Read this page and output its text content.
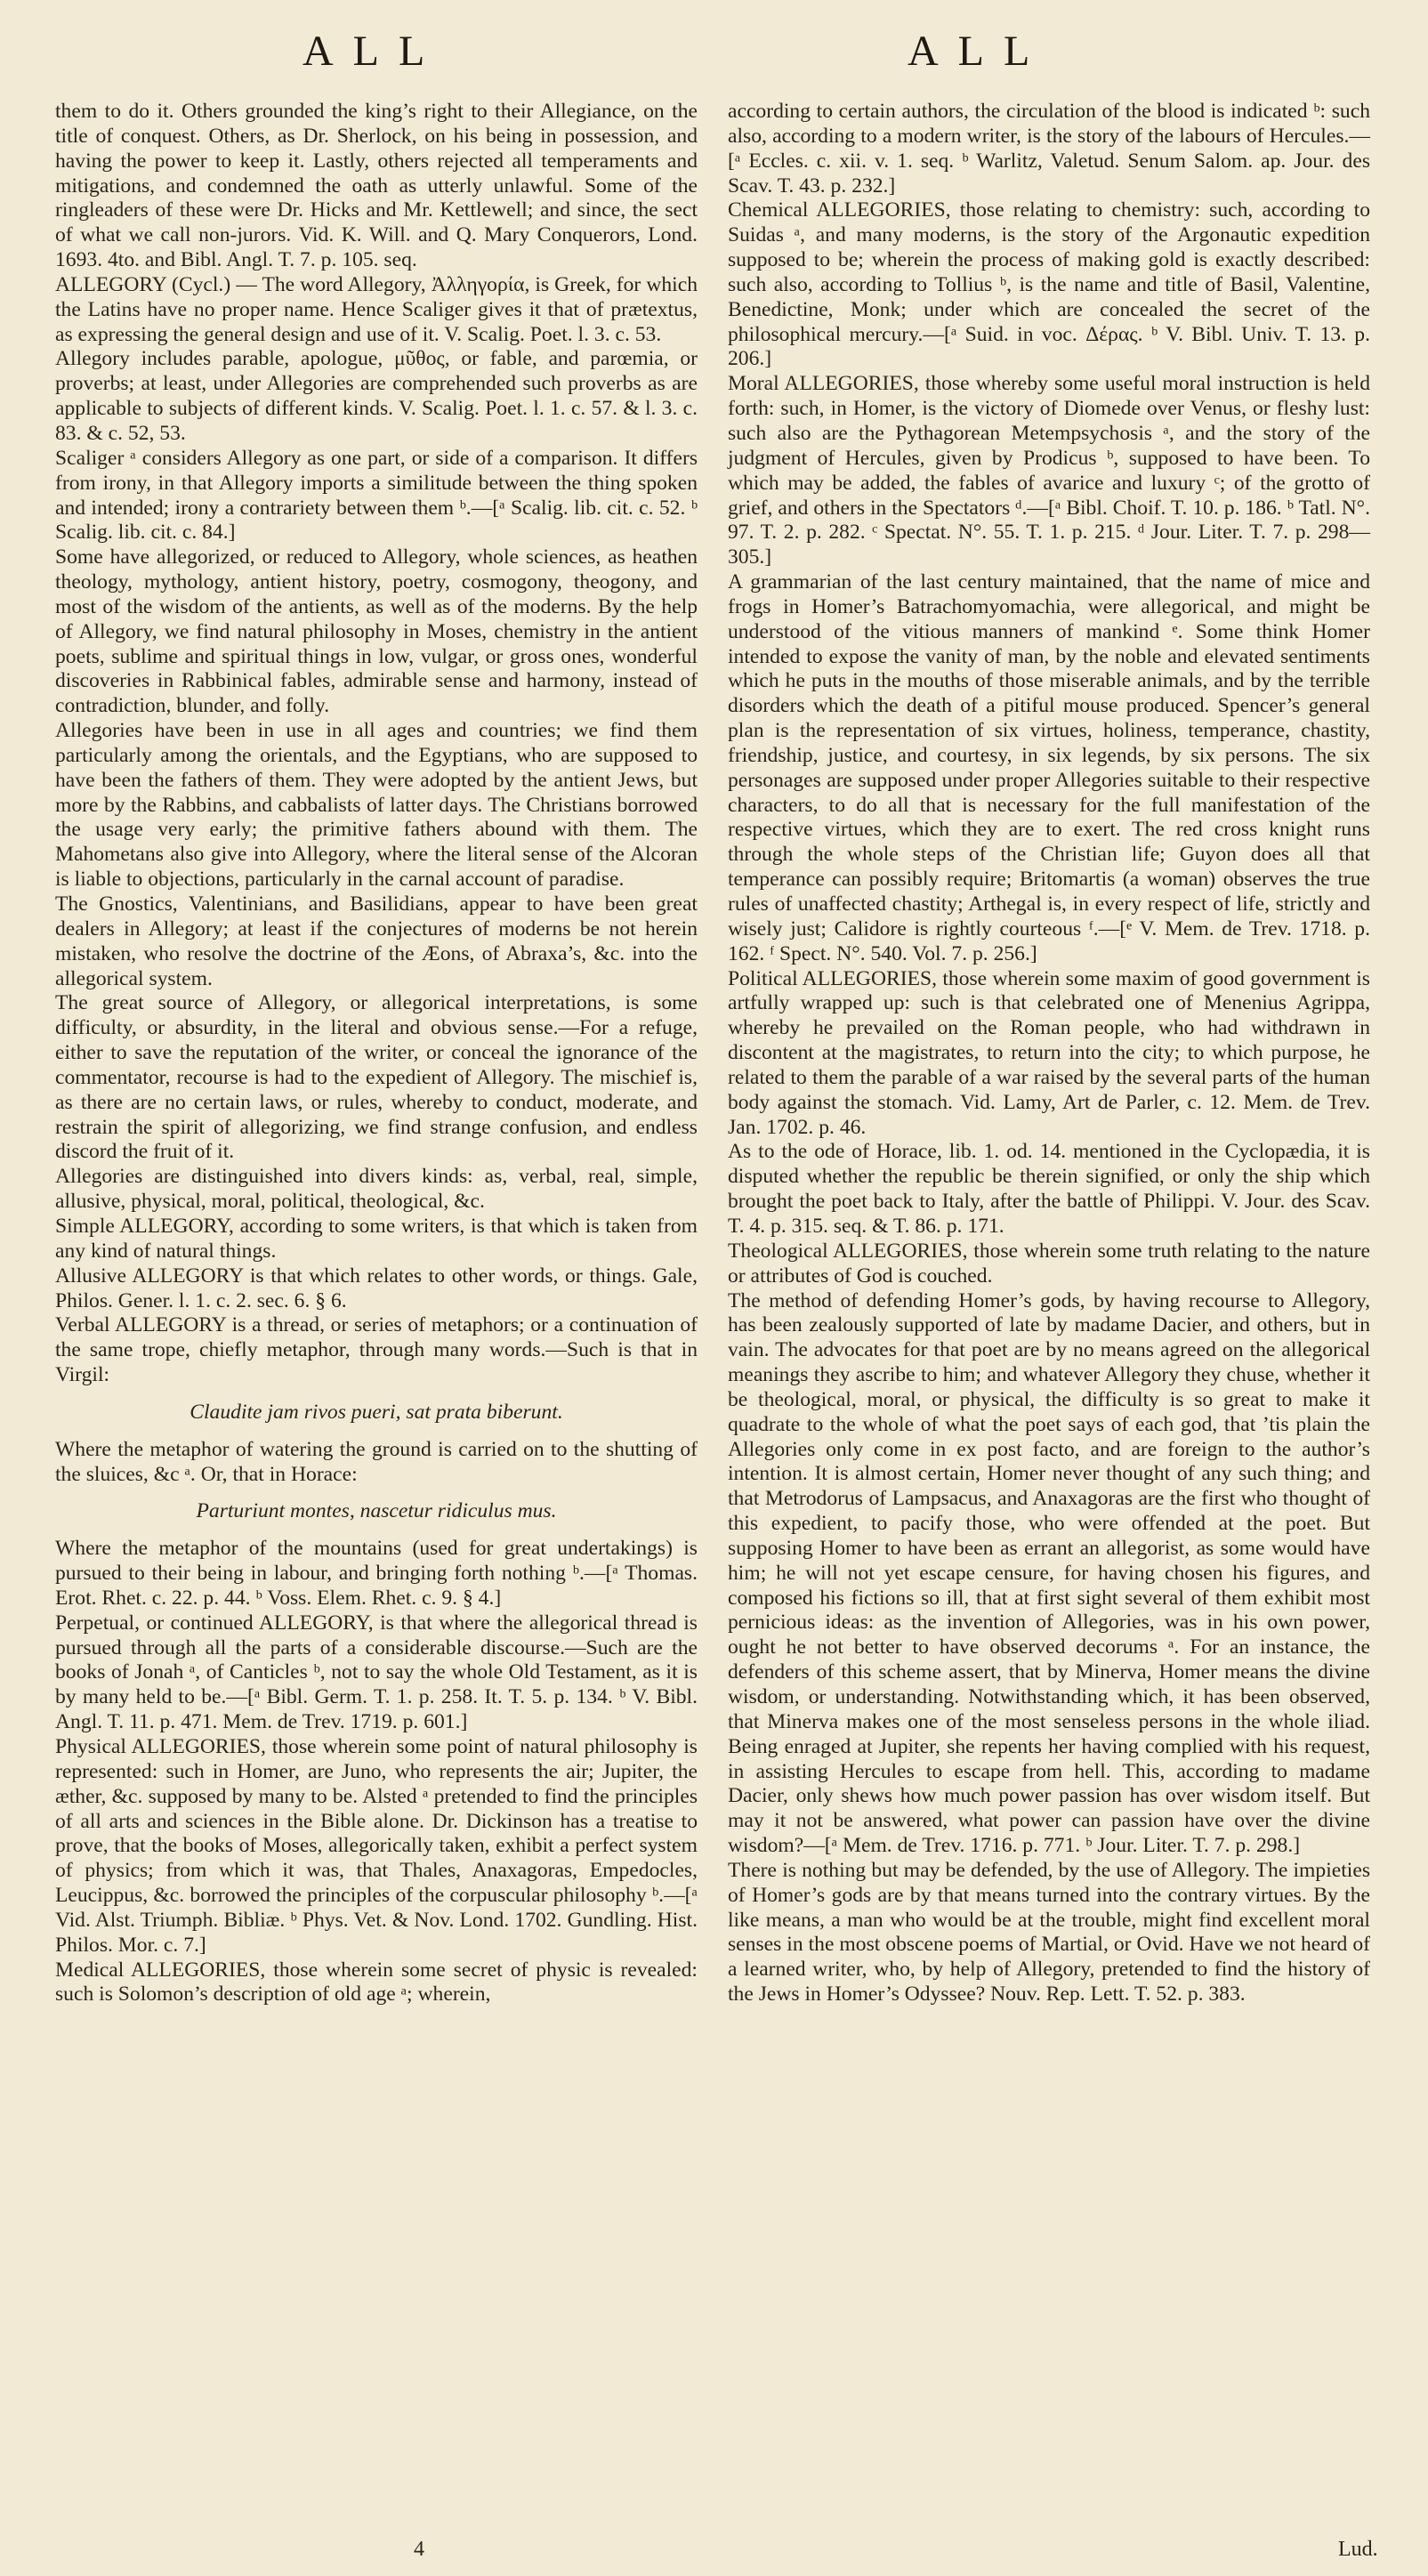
ALL	ALL

them to do it. Others grounded the king’s right to their Allegiance, on the title of conquest. Others, as Dr. Sherlock, on his being in possession, and having the power to keep it. Lastly, others rejected all temperaments and mitigations, and condemned the oath as utterly unlawful. Some of the ringleaders of these were Dr. Hicks and Mr. Kettlewell; and since, the sect of what we call non-jurors. Vid. K. Will. and Q. Mary Conquerors, Lond. 1693. 4to. and Bibl. Angl. T. 7. p. 105. seq.

ALLEGORY (Cycl.) — The word Allegory, Ἀλληγορία, is Greek, for which the Latins have no proper name. Hence Scaliger gives it that of prætextus, as expressing the general design and use of it. V. Scalig. Poet. l. 3. c. 53.

Allegory includes parable, apologue, μῦθος, or fable, and parœmia, or proverbs; at least, under Allegories are comprehended such proverbs as are applicable to subjects of different kinds. V. Scalig. Poet. l. 1. c. 57. & l. 3. c. 83. & c. 52, 53.

Scaliger ᵃ considers Allegory as one part, or side of a comparison. It differs from irony, in that Allegory imports a similitude between the thing spoken and intended; irony a contrariety between them ᵇ.—[ᵃ Scalig. lib. cit. c. 52. ᵇ Scalig. lib. cit. c. 84.]

Some have allegorized, or reduced to Allegory, whole sciences, as heathen theology, mythology, antient history, poetry, cosmogony, theogony, and most of the wisdom of the antients, as well as of the moderns. By the help of Allegory, we find natural philosophy in Moses, chemistry in the antient poets, sublime and spiritual things in low, vulgar, or gross ones, wonderful discoveries in Rabbinical fables, admirable sense and harmony, instead of contradiction, blunder, and folly.

Allegories have been in use in all ages and countries; we find them particularly among the orientals, and the Egyptians, who are supposed to have been the fathers of them. They were adopted by the antient Jews, but more by the Rabbins, and cabbalists of latter days. The Christians borrowed the usage very early; the primitive fathers abound with them. The Mahometans also give into Allegory, where the literal sense of the Alcoran is liable to objections, particularly in the carnal account of paradise.

The Gnostics, Valentinians, and Basilidians, appear to have been great dealers in Allegory; at least if the conjectures of moderns be not herein mistaken, who resolve the doctrine of the Æons, of Abraxa’s, &c. into the allegorical system.

The great source of Allegory, or allegorical interpretations, is some difficulty, or absurdity, in the literal and obvious sense.—For a refuge, either to save the reputation of the writer, or conceal the ignorance of the commentator, recourse is had to the expedient of Allegory. The mischief is, as there are no certain laws, or rules, whereby to conduct, moderate, and restrain the spirit of allegorizing, we find strange confusion, and endless discord the fruit of it.

Allegories are distinguished into divers kinds: as, verbal, real, simple, allusive, physical, moral, political, theological, &c.

Simple ALLEGORY, according to some writers, is that which is taken from any kind of natural things.

Allusive ALLEGORY is that which relates to other words, or things. Gale, Philos. Gener. l. 1. c. 2. sec. 6. § 6.

Verbal ALLEGORY is a thread, or series of metaphors; or a continuation of the same trope, chiefly metaphor, through many words.—Such is that in Virgil:

Claudite jam rivos pueri, sat prata biberunt.

Where the metaphor of watering the ground is carried on to the shutting of the sluices, &c ᵃ. Or, that in Horace:

Parturiunt montes, nascetur ridiculus mus.

Where the metaphor of the mountains (used for great undertakings) is pursued to their being in labour, and bringing forth nothing ᵇ.—[ᵃ Thomas. Erot. Rhet. c. 22. p. 44. ᵇ Voss. Elem. Rhet. c. 9. § 4.]

Perpetual, or continued ALLEGORY, is that where the allegorical thread is pursued through all the parts of a considerable discourse.—Such are the books of Jonah ᵃ, of Canticles ᵇ, not to say the whole Old Testament, as it is by many held to be.—[ᵃ Bibl. Germ. T. 1. p. 258. It. T. 5. p. 134. ᵇ V. Bibl. Angl. T. 11. p. 471. Mem. de Trev. 1719. p. 601.]

Physical ALLEGORIES, those wherein some point of natural philosophy is represented: such in Homer, are Juno, who represents the air; Jupiter, the æther, &c. supposed by many to be. Alsted ᵃ pretended to find the principles of all arts and sciences in the Bible alone. Dr. Dickinson has a treatise to prove, that the books of Moses, allegorically taken, exhibit a perfect system of physics; from which it was, that Thales, Anaxagoras, Empedocles, Leucippus, &c. borrowed the principles of the corpuscular philosophy ᵇ.—[ᵃ Vid. Alst. Triumph. Bibliæ. ᵇ Phys. Vet. & Nov. Lond. 1702. Gundling. Hist. Philos. Mor. c. 7.]

Medical ALLEGORIES, those wherein some secret of physic is revealed: such is Solomon’s description of old age ᵃ; wherein,

according to certain authors, the circulation of the blood is indicated ᵇ: such also, according to a modern writer, is the story of the labours of Hercules.—[ᵃ Eccles. c. xii. v. 1. seq. ᵇ Warlitz, Valetud. Senum Salom. ap. Jour. des Scav. T. 43. p. 232.]

Chemical ALLEGORIES, those relating to chemistry: such, according to Suidas ᵃ, and many moderns, is the story of the Argonautic expedition supposed to be; wherein the process of making gold is exactly described: such also, according to Tollius ᵇ, is the name and title of Basil, Valentine, Benedictine, Monk; under which are concealed the secret of the philosophical mercury.—[ᵃ Suid. in voc. Δέρας. ᵇ V. Bibl. Univ. T. 13. p. 206.]

Moral ALLEGORIES, those whereby some useful moral instruction is held forth: such, in Homer, is the victory of Diomede over Venus, or fleshy lust: such also are the Pythagorean Metempsychosis ᵃ, and the story of the judgment of Hercules, given by Prodicus ᵇ, supposed to have been. To which may be added, the fables of avarice and luxury ᶜ; of the grotto of grief, and others in the Spectators ᵈ.—[ᵃ Bibl. Choif. T. 10. p. 186. ᵇ Tatl. N°. 97. T. 2. p. 282. ᶜ Spectat. N°. 55. T. 1. p. 215. ᵈ Jour. Liter. T. 7. p. 298—305.]

A grammarian of the last century maintained, that the name of mice and frogs in Homer’s Batrachomyomachia, were allegorical, and might be understood of the vitious manners of mankind ᵉ. Some think Homer intended to expose the vanity of man, by the noble and elevated sentiments which he puts in the mouths of those miserable animals, and by the terrible disorders which the death of a pitiful mouse produced. Spencer’s general plan is the representation of six virtues, holiness, temperance, chastity, friendship, justice, and courtesy, in six legends, by six persons. The six personages are supposed under proper Allegories suitable to their respective characters, to do all that is necessary for the full manifestation of the respective virtues, which they are to exert. The red cross knight runs through the whole steps of the Christian life; Guyon does all that temperance can possibly require; Britomartis (a woman) observes the true rules of unaffected chastity; Arthegal is, in every respect of life, strictly and wisely just; Calidore is rightly courteous ᶠ.—[ᵉ V. Mem. de Trev. 1718. p. 162. ᶠ Spect. N°. 540. Vol. 7. p. 256.]

Political ALLEGORIES, those wherein some maxim of good government is artfully wrapped up: such is that celebrated one of Menenius Agrippa, whereby he prevailed on the Roman people, who had withdrawn in discontent at the magistrates, to return into the city; to which purpose, he related to them the parable of a war raised by the several parts of the human body against the stomach. Vid. Lamy, Art de Parler, c. 12. Mem. de Trev. Jan. 1702. p. 46.

As to the ode of Horace, lib. 1. od. 14. mentioned in the Cyclopædia, it is disputed whether the republic be therein signified, or only the ship which brought the poet back to Italy, after the battle of Philippi. V. Jour. des Scav. T. 4. p. 315. seq. & T. 86. p. 171.

Theological ALLEGORIES, those wherein some truth relating to the nature or attributes of God is couched.

The method of defending Homer’s gods, by having recourse to Allegory, has been zealously supported of late by madame Dacier, and others, but in vain. The advocates for that poet are by no means agreed on the allegorical meanings they ascribe to him; and whatever Allegory they chuse, whether it be theological, moral, or physical, the difficulty is so great to make it quadrate to the whole of what the poet says of each god, that ’tis plain the Allegories only come in ex post facto, and are foreign to the author’s intention. It is almost certain, Homer never thought of any such thing; and that Metrodorus of Lampsacus, and Anaxagoras are the first who thought of this expedient, to pacify those, who were offended at the poet. But supposing Homer to have been as errant an allegorist, as some would have him; he will not yet escape censure, for having chosen his figures, and composed his fictions so ill, that at first sight several of them exhibit most pernicious ideas: as the invention of Allegories, was in his own power, ought he not better to have observed decorums ᵃ. For an instance, the defenders of this scheme assert, that by Minerva, Homer means the divine wisdom, or understanding. Notwithstanding which, it has been observed, that Minerva makes one of the most senseless persons in the whole iliad. Being enraged at Jupiter, she repents her having complied with his request, in assisting Hercules to escape from hell. This, according to madame Dacier, only shews how much power passion has over wisdom itself. But may it not be answered, what power can passion have over the divine wisdom?—[ᵃ Mem. de Trev. 1716. p. 771. ᵇ Jour. Liter. T. 7. p. 298.]

There is nothing but may be defended, by the use of Allegory. The impieties of Homer’s gods are by that means turned into the contrary virtues. By the like means, a man who would be at the trouble, might find excellent moral senses in the most obscene poems of Martial, or Ovid. Have we not heard of a learned writer, who, by help of Allegory, pretended to find the history of the Jews in Homer’s Odyssee? Nouv. Rep. Lett. T. 52. p. 383.

4	Lud.
